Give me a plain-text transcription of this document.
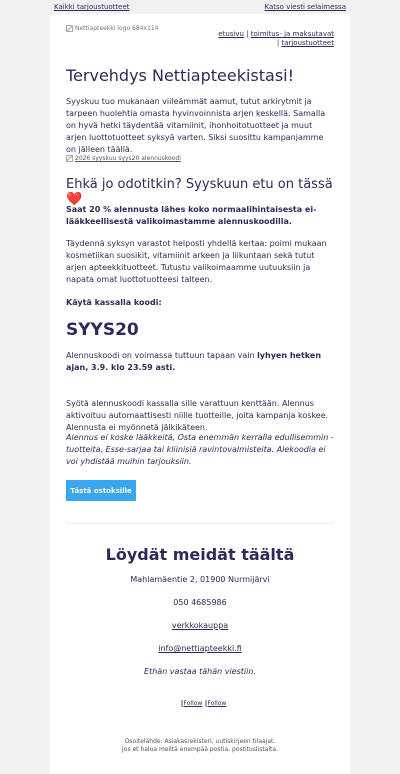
Kaikki tarjoustuotteet	Katso viesti selaimessa
Nettiapteekki logo 684x114
etusivu | toimitus- ja maksutavat | tarjoustuotteet
Tervehdys Nettiapteekistasi!

Syyskuu tuo mukanaan viileämmät aamut, tutut arkirytmit ja tarpeen huolehtia omasta hyvinvoinnista arjen keskellä. Samalla on hyvä hetki täydentää vitamiinit, ihonhoitotuotteet ja muut arjen luottotuotteet syksyä varten. Siksi suosittu kampanjamme on jälleen täällä.

2026 syyskuu syys20 alennuskoodi
Ehkä jo odotitkin? Syyskuun etu on tässä ❤️

Saat 20 % alennusta lähes koko normaalihintaisesta ei-lääkkeellisestä valikoimastamme alennuskoodilla.

Täydennä syksyn varastot helposti yhdellä kertaa: poimi mukaan kosmetiikan suosikit, vitamiinit arkeen ja liikuntaan sekä tutut arjen apteekkituotteet. Tutustu valikoimaamme uutuuksiin ja napata omat luottotuotteesi talteen.

Käytä kassalla koodi:

SYYS20

Alennuskoodi on voimassa tuttuun tapaan vain lyhyen hetken ajan, 3.9. klo 23.59 asti.

Syötä alennuskoodi kassalla sille varattuun kenttään. Alennus aktivoituu automaattisesti niille tuotteille, joita kampanja koskee. Alennusta ei myönnetä jälkikäteen.

Alennus ei koske lääkkeitä, Osta enemmän kerralla edullisemmin -tuotteita, Esse-sarjaa tai kliinisiä ravintovalmisteita. Alekoodia ei voi yhdistää muihin tarjouksiin.

Tästä ostoksille
Löydät meidät täältä

Mahlamäentie 2, 01900 Nurmijärvi

050 4685986

verkkokauppa

info@nettiapteekki.fi

Ethän vastaa tähän viestiin.

Follow Follow

Osoitelähde: Asiakasrekisteri, uutiskirjeen tilaajat.
Jos et halua meiltä enempää postia, postituslistalta.
